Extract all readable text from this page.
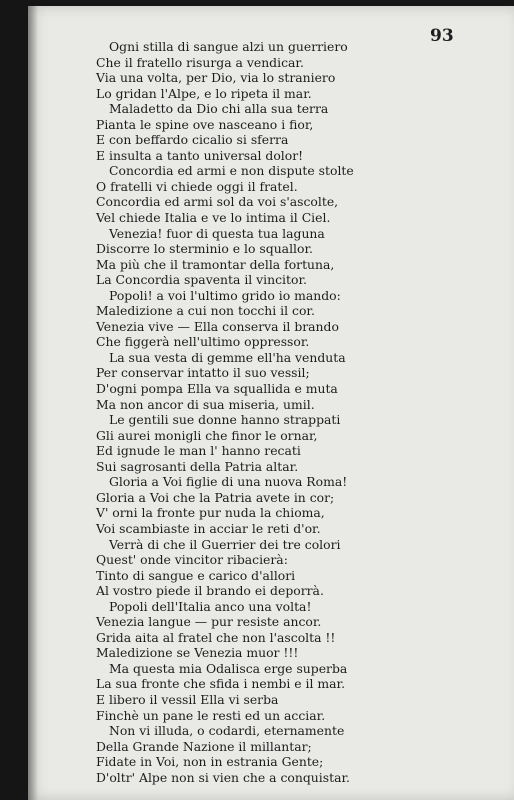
93
Ogni stilla di sangue alzi un guerriero
Che il fratello risurga a vendicar.
Via una volta, per Dio, via lo straniero
Lo gridan l'Alpe, e lo ripeta il mar.
Maladetto da Dio chi alla sua terra
Pianta le spine ove nasceano i fior,
E con beffardo cicalio si sferra
E insulta a tanto universal dolor!
Concordia ed armi e non dispute stolte
O fratelli vi chiede oggi il fratel.
Concordia ed armi sol da voi s'ascolte,
Vel chiede Italia e ve lo intima il Ciel.
Venezia! fuor di questa tua laguna
Discorre lo sterminio e lo squallor.
Ma più che il tramontar della fortuna,
La Concordia spaventa il vincitor.
Popoli! a voi l'ultimo grido io mando:
Maledizione a cui non tocchi il cor.
Venezia vive — Ella conserva il brando
Che figgerà nell'ultimo oppressor.
La sua vesta di gemme ell'ha venduta
Per conservar intatto il suo vessil;
D'ogni pompa Ella va squallida e muta
Ma non ancor di sua miseria, umil.
Le gentili sue donne hanno strappati
Gli aurei monigli che finor le ornar,
Ed ignude le man l' hanno recati
Sui sagrosanti della Patria altar.
Gloria a Voi figlie di una nuova Roma!
Gloria a Voi che la Patria avete in cor;
V' orni la fronte pur nuda la chioma,
Voi scambiaste in acciar le reti d'or.
Verrà di che il Guerrier dei tre colori
Quest' onde vincitor ribacierà:
Tinto di sangue e carico d'allori
Al vostro piede il brando ei deporrà.
Popoli dell'Italia anco una volta!
Venezia langue — pur resiste ancor.
Grida aita al fratel che non l'ascolta !!
Maledizione se Venezia muor !!!
Ma questa mia Odalisca erge superba
La sua fronte che sfida i nembi e il mar.
E libero il vessil Ella vi serba
Finchè un pane le resti ed un acciar.
Non vi illuda, o codardi, eternamente
Della Grande Nazione il millantar;
Fidate in Voi, non in estrania Gente;
D'oltr' Alpe non si vien che a conquistar.
